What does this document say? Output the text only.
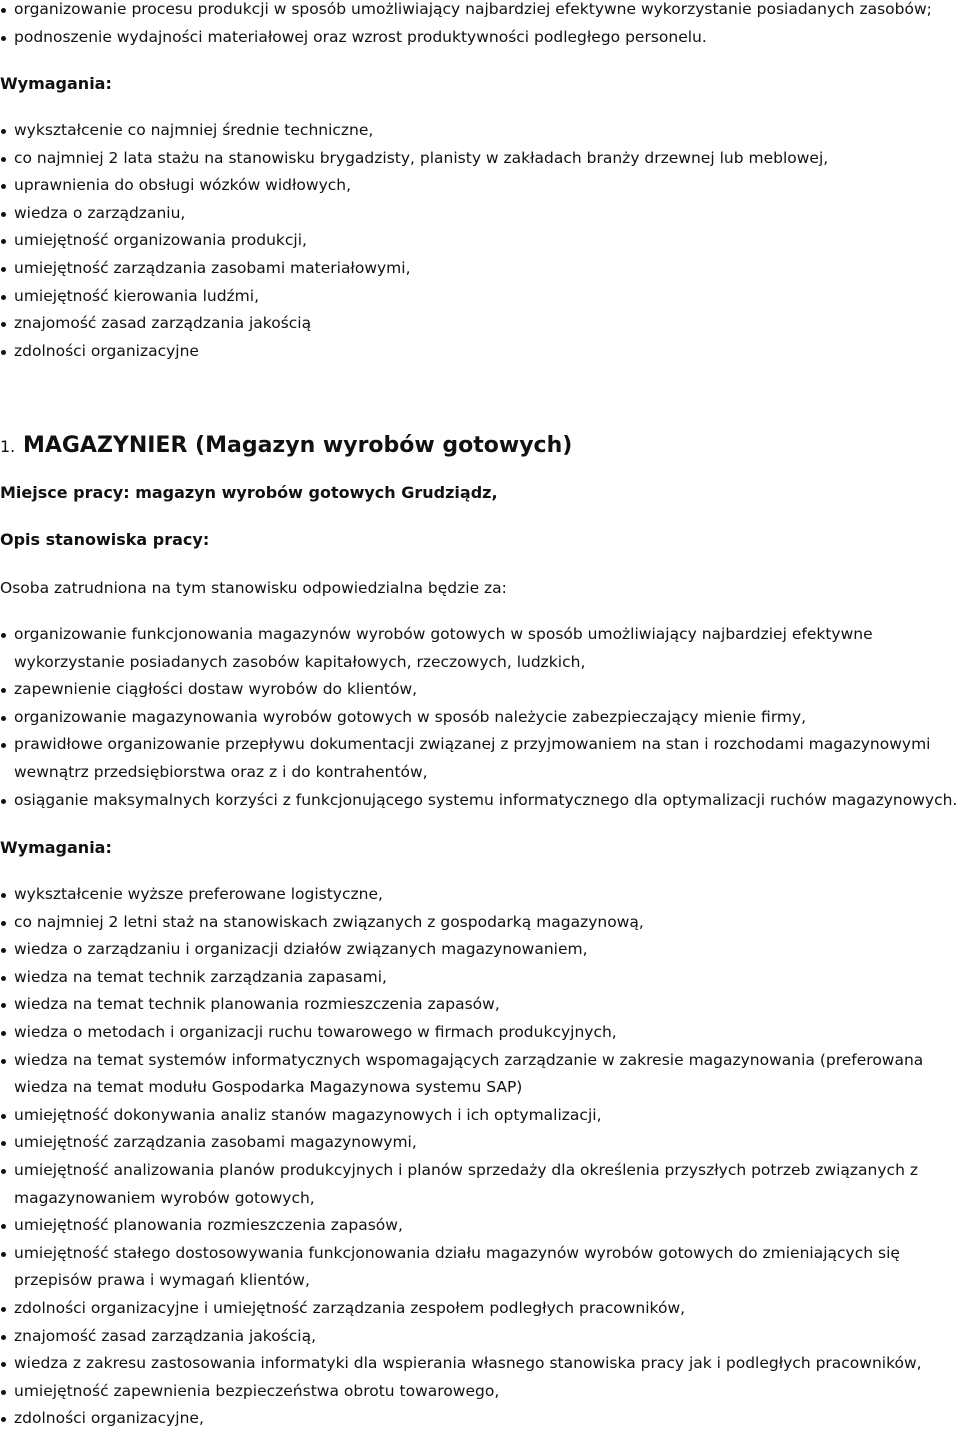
organizowanie procesu produkcji w sposób umożliwiający najbardziej efektywne wykorzystanie posiadanych zasobów;
podnoszenie wydajności materiałowej oraz wzrost produktywności podległego personelu.
Wymagania:
wykształcenie co najmniej średnie techniczne,
co najmniej 2 lata stażu na stanowisku brygadzisty, planisty w zakładach branży drzewnej lub meblowej,
uprawnienia do obsługi wózków widłowych,
wiedza o zarządzaniu,
umiejętność organizowania produkcji,
umiejętność zarządzania zasobami materiałowymi,
umiejętność kierowania ludźmi,
znajomość zasad zarządzania jakością
zdolności organizacyjne
1. MAGAZYNIER (Magazyn wyrobów gotowych)
Miejsce pracy: magazyn wyrobów gotowych Grudziądz,
Opis stanowiska pracy:
Osoba zatrudniona na tym stanowisku odpowiedzialna będzie za:
organizowanie funkcjonowania magazynów wyrobów gotowych w sposób umożliwiający najbardziej efektywne wykorzystanie posiadanych zasobów kapitałowych, rzeczowych, ludzkich,
zapewnienie ciągłości dostaw wyrobów do klientów,
organizowanie magazynowania wyrobów gotowych w sposób należycie zabezpieczający mienie firmy,
prawidłowe organizowanie przepływu dokumentacji związanej z przyjmowaniem na stan i rozchodami magazynowymi wewnątrz przedsiębiorstwa oraz z i do kontrahentów,
osiąganie maksymalnych korzyści z funkcjonującego systemu informatycznego dla optymalizacji ruchów magazynowych.
Wymagania:
wykształcenie wyższe preferowane logistyczne,
co najmniej 2 letni staż na stanowiskach związanych z gospodarką magazynową,
wiedza o zarządzaniu i organizacji działów związanych magazynowaniem,
wiedza na temat technik zarządzania zapasami,
wiedza na temat technik planowania rozmieszczenia zapasów,
wiedza o metodach i organizacji ruchu towarowego w firmach produkcyjnych,
wiedza na temat systemów informatycznych wspomagających zarządzanie w zakresie magazynowania (preferowana wiedza na temat modułu Gospodarka Magazynowa systemu SAP)
umiejętność dokonywania analiz stanów magazynowych i ich optymalizacji,
umiejętność zarządzania zasobami magazynowymi,
umiejętność analizowania planów produkcyjnych i planów sprzedaży dla określenia przyszłych potrzeb związanych z magazynowaniem wyrobów gotowych,
umiejętność planowania rozmieszczenia zapasów,
umiejętność stałego dostosowywania funkcjonowania działu magazynów wyrobów gotowych do zmieniających się przepisów prawa i wymagań klientów,
zdolności organizacyjne i umiejętność zarządzania zespołem podległych pracowników,
znajomość zasad zarządzania jakością,
wiedza z zakresu zastosowania informatyki dla wspierania własnego stanowiska pracy jak i podległych pracowników,
umiejętność zapewnienia bezpieczeństwa obrotu towarowego,
zdolności organizacyjne,
